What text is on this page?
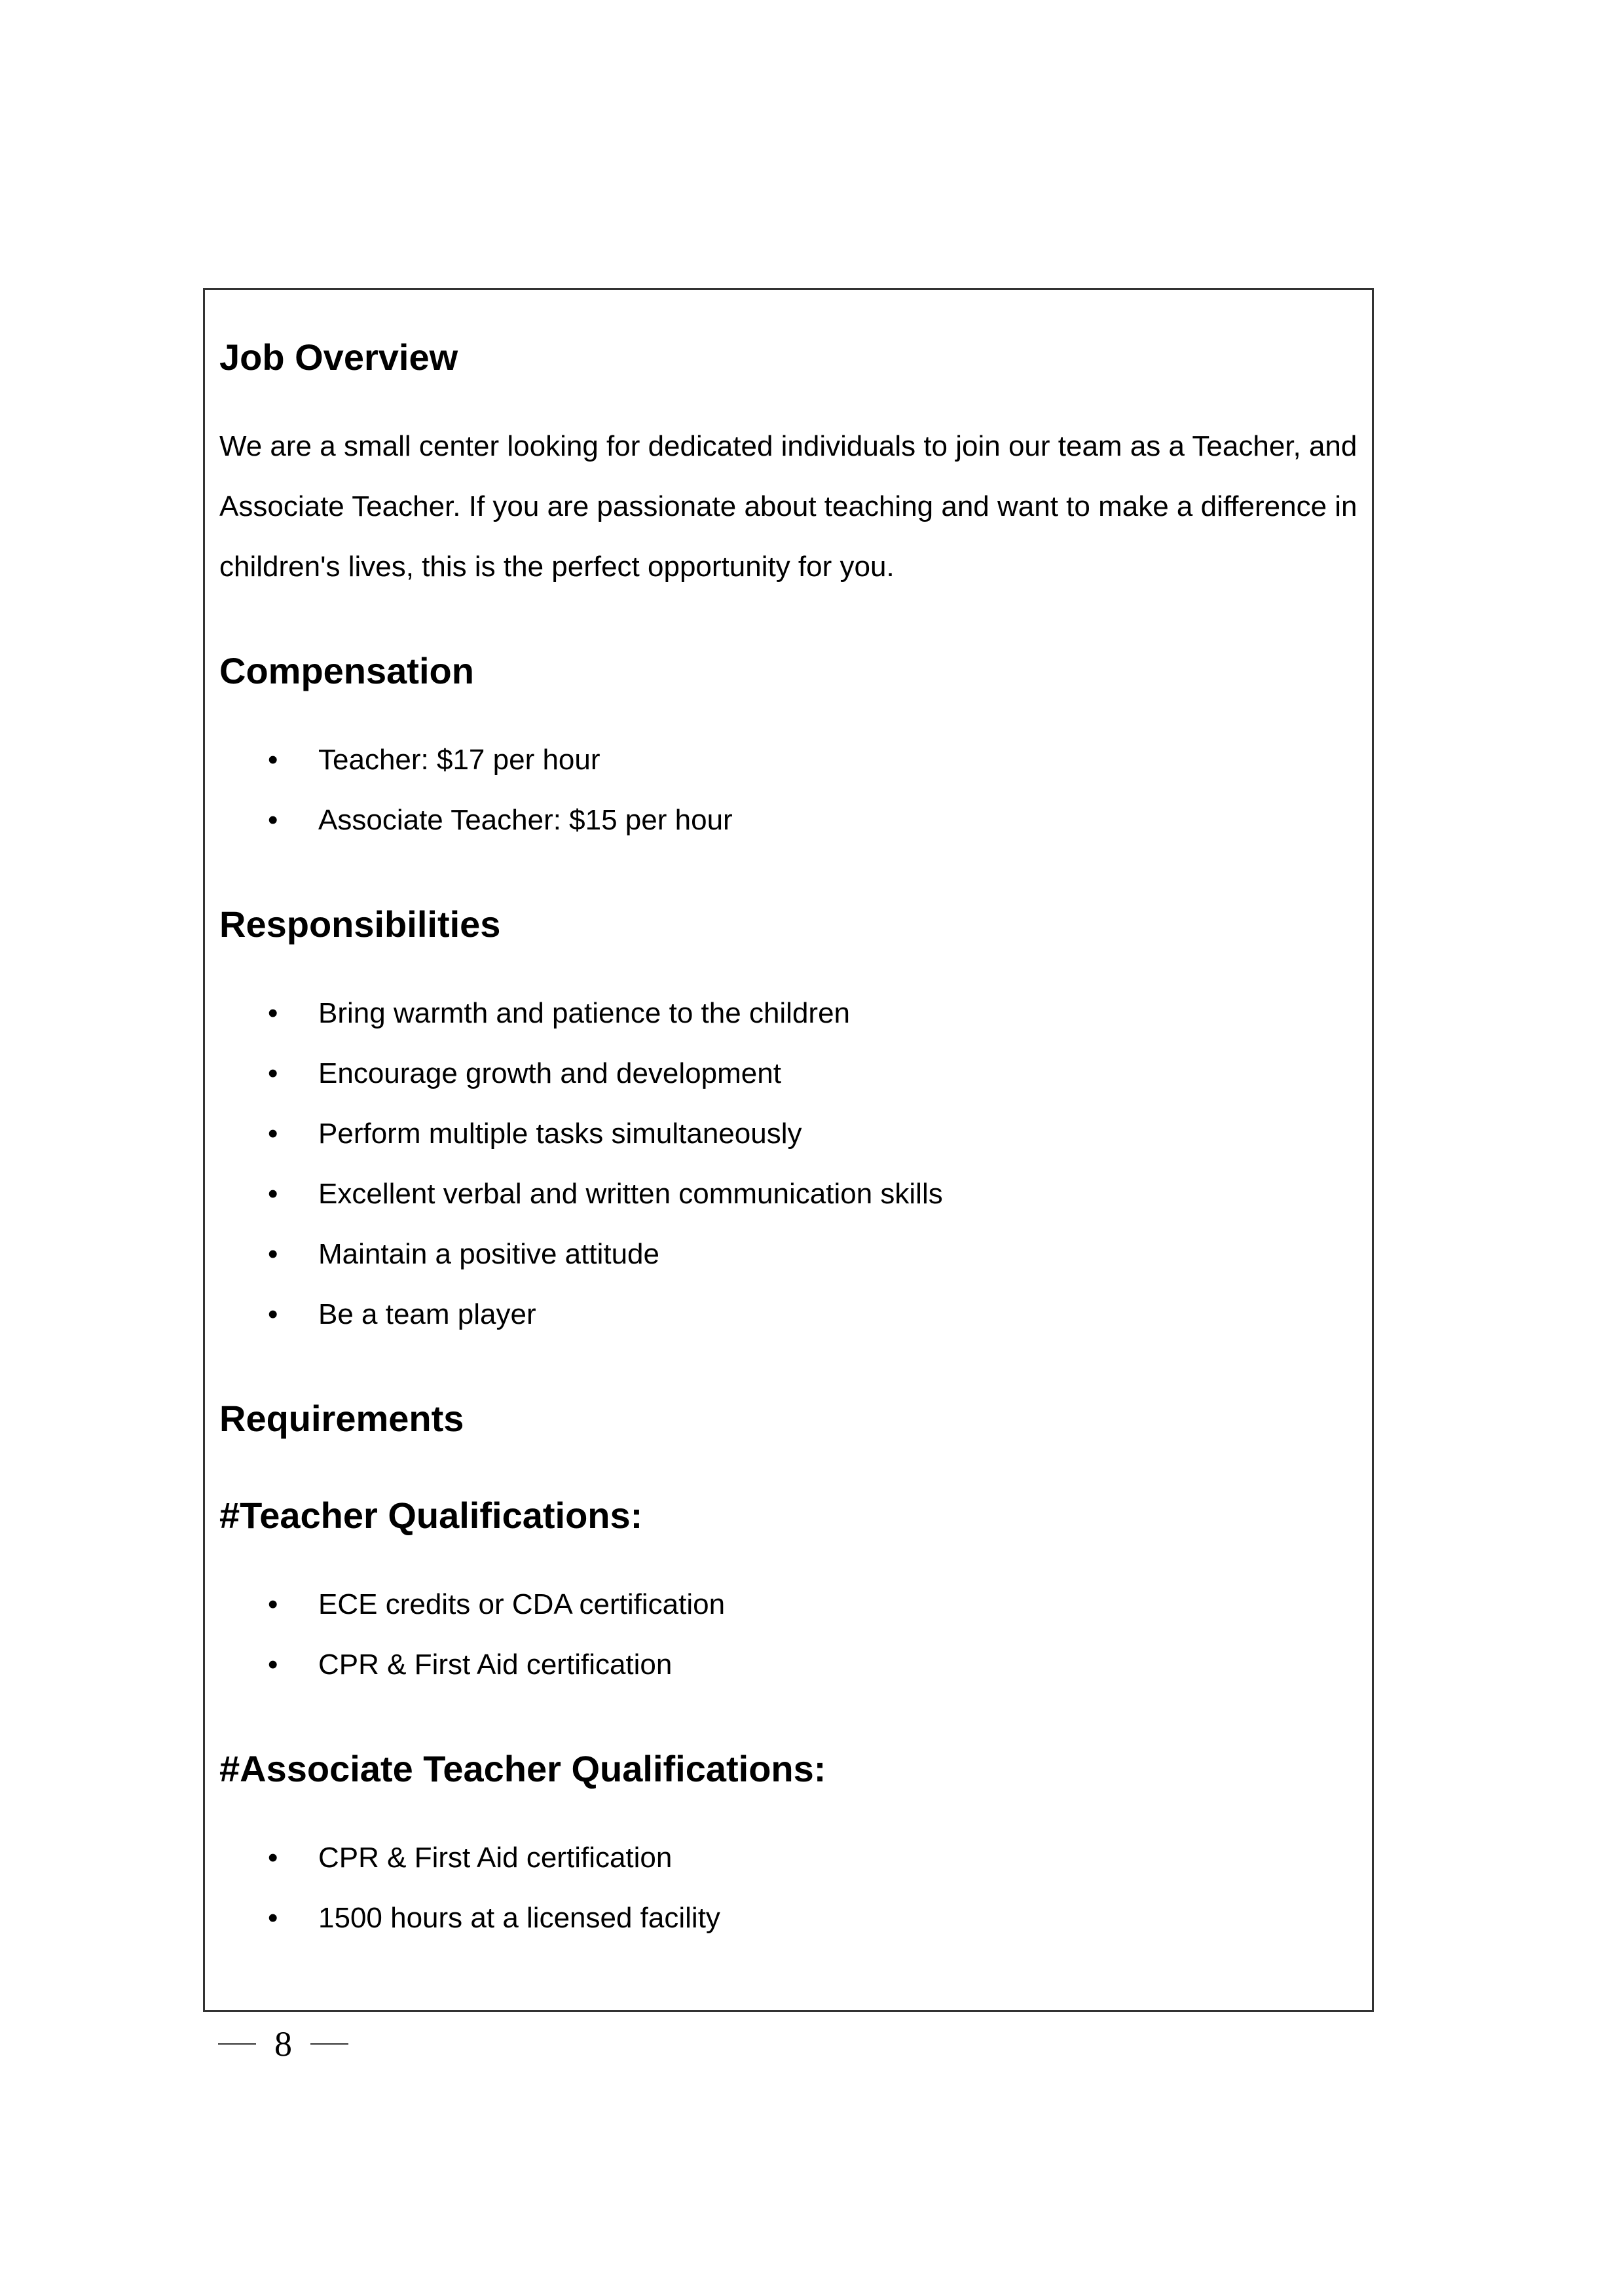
Job Overview

We are a small center looking for dedicated individuals to join our team as a Teacher, and Associate Teacher. If you are passionate about teaching and want to make a difference in children's lives, this is the perfect opportunity for you.

Compensation
•	Teacher: $17 per hour
•	Associate Teacher: $15 per hour
Responsibilities
•	Bring warmth and patience to the children
•	Encourage growth and development
•	Perform multiple tasks simultaneously
•	Excellent verbal and written communication skills
•	Maintain a positive attitude
•	Be a team player
Requirements
#Teacher Qualifications:
•	ECE credits or CDA certification
•	CPR & First Aid certification
#Associate Teacher Qualifications:
•	CPR & First Aid certification
•	1500 hours at a licensed facility
8
